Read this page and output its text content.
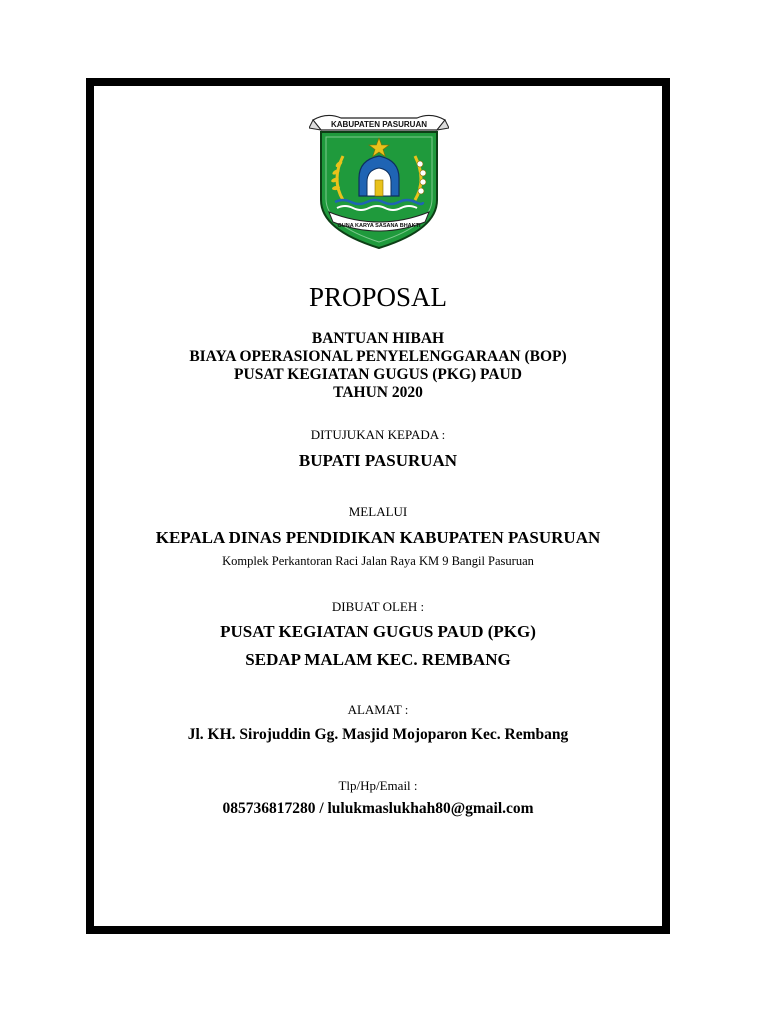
KABUPATEN PASURUAN
GUNA KARYA SASANA BHAKTI
PROPOSAL
BANTUAN HIBAH
BIAYA OPERASIONAL PENYELENGGARAAN (BOP)
PUSAT KEGIATAN GUGUS (PKG) PAUD
TAHUN 2020
DITUJUKAN KEPADA :
BUPATI PASURUAN
MELALUI
KEPALA DINAS PENDIDIKAN KABUPATEN PASURUAN
Komplek Perkantoran Raci Jalan Raya KM 9 Bangil Pasuruan
DIBUAT OLEH :
PUSAT KEGIATAN GUGUS PAUD (PKG)
SEDAP MALAM KEC. REMBANG
ALAMAT :
Jl. KH. Sirojuddin Gg. Masjid Mojoparon Kec. Rembang
Tlp/Hp/Email :
085736817280 / lulukmaslukhah80@gmail.com
